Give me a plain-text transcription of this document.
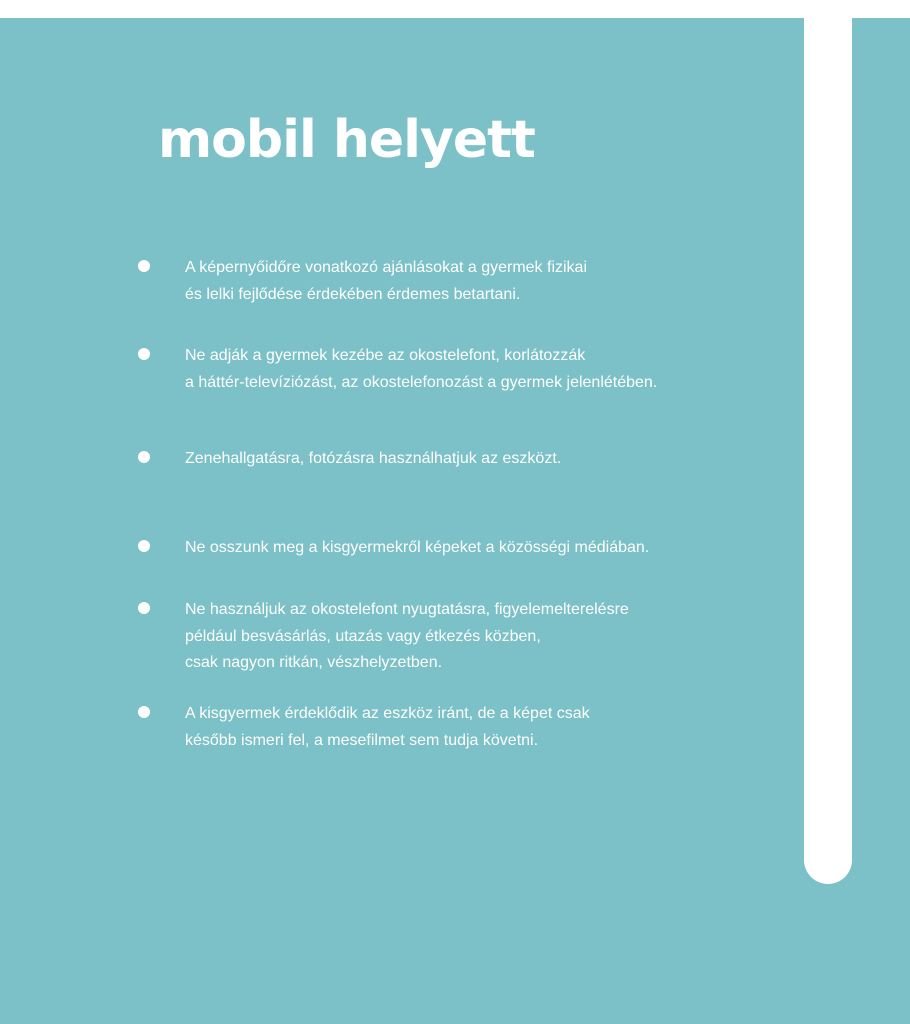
mobil helyett
A képernyőidőre vonatkozó ajánlásokat a gyermek fizikai
és lelki fejlődése érdekében érdemes betartani.
Ne adják a gyermek kezébe az okostelefont, korlátozzák
a háttér-televíziózást, az okostelefonozást a gyermek jelenlétében.
Zenehallgatásra, fotózásra használhatjuk az eszközt.
Ne osszunk meg a kisgyermekről képeket a közösségi médiában.
Ne használjuk az okostelefont nyugtatásra, figyelemelterelésre
például besvásárlás, utazás vagy étkezés közben,
csak nagyon ritkán, vészhelyzetben.
A kisgyermek érdeklődik az eszköz iránt, de a képet csak
később ismeri fel, a mesefilmet sem tudja követni.
